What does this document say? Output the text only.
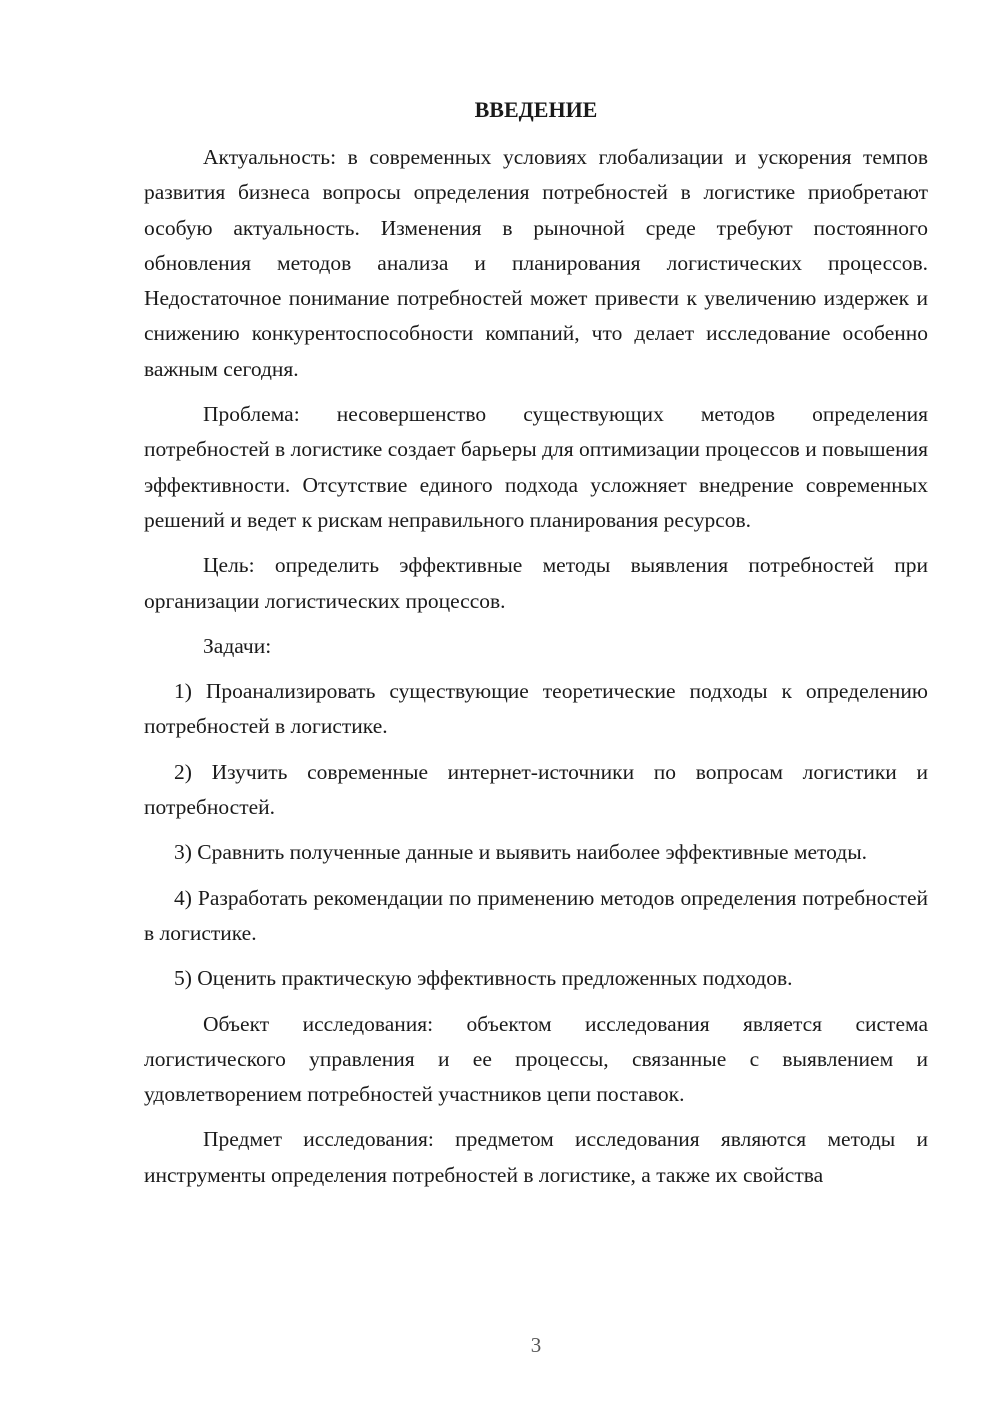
ВВЕДЕНИЕ

Актуальность: в современных условиях глобализации и ускорения темпов развития бизнеса вопросы определения потребностей в логистике приобретают особую актуальность. Изменения в рыночной среде требуют постоянного обновления методов анализа и планирования логистических процессов. Недостаточное понимание потребностей может привести к увеличению издержек и снижению конкурентоспособности компаний, что делает исследование особенно важным сегодня.

Проблема: несовершенство существующих методов определения потребностей в логистике создает барьеры для оптимизации процессов и повышения эффективности. Отсутствие единого подхода усложняет внедрение современных решений и ведет к рискам неправильного планирования ресурсов.

Цель: определить эффективные методы выявления потребностей при организации логистических процессов.

Задачи:

1) Проанализировать существующие теоретические подходы к определению потребностей в логистике.

2) Изучить современные интернет-источники по вопросам логистики и потребностей.

3) Сравнить полученные данные и выявить наиболее эффективные методы.

4) Разработать рекомендации по применению методов определения потребностей в логистике.

5) Оценить практическую эффективность предложенных подходов.

Объект исследования: объектом исследования является система логистического управления и ее процессы, связанные с выявлением и удовлетворением потребностей участников цепи поставок.

Предмет исследования: предметом исследования являются методы и инструменты определения потребностей в логистике, а также их свойства

3
